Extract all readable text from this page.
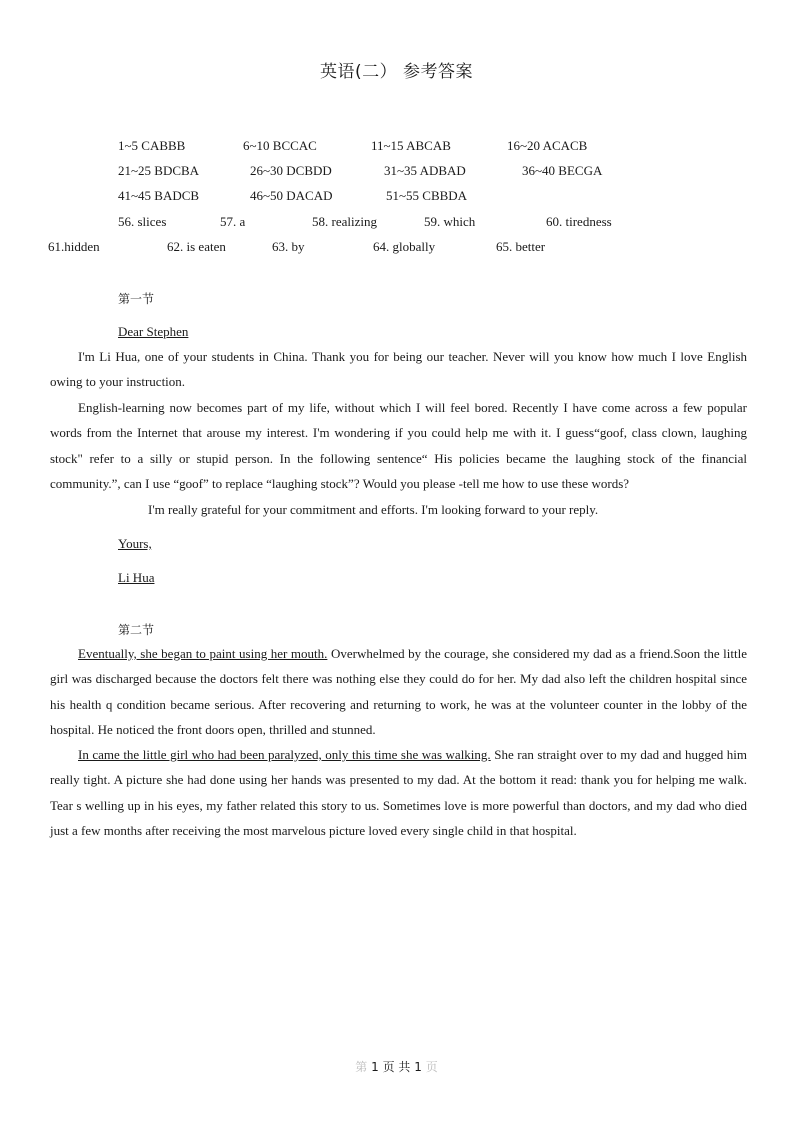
英语(二） 参考答案
1~5 CABBB	6~10 BCCAC	11~15 ABCAB	16~20 ACACB
21~25 BDCBA	26~30 DCBDD	31~35 ADBAD	36~40 BECGA
41~45 BADCB	46~50 DACAD	51~55 CBBDA
56. slices	57. a	58. realizing	59. which	60. tiredness
61.hidden	62. is eaten	63. by	64. globally	65. better
第一节
Dear Stephen

I'm Li Hua, one of your students in China. Thank you for being our teacher. Never will you know how much I love English owing to your instruction.

English-learning now becomes part of my life, without which I will feel bored. Recently I have come across a few popular words from the Internet that arouse my interest. I'm wondering if you could help me with it. I guess“goof, class clown, laughing stock" refer to a silly or stupid person. In the following sentence“ His policies became the laughing stock of the financial community.”, can I use “goof” to replace “laughing stock”? Would you please -tell me how to use these words?

I'm really grateful for your commitment and efforts. I'm looking forward to your reply.
Yours,
Li Hua
第二节

Eventually, she began to paint using her mouth. Overwhelmed by the courage, she considered my dad as a friend.Soon the little girl was discharged because the doctors felt there was nothing else they could do for her. My dad also left the children hospital since his health q condition became serious. After recovering and returning to work, he was at the volunteer counter in the lobby of the hospital. He noticed the front doors open, thrilled and stunned.

In came the little girl who had been paralyzed, only this time she was walking. She ran straight over to my dad and hugged him really tight. A picture she had done using her hands was presented to my dad. At the bottom it read: thank you for helping me walk. Tear s welling up in his eyes, my father related this story to us. Sometimes love is more powerful than doctors, and my dad who died just a few months after receiving the most marvelous picture loved every single child in that hospital.

第 1 页 共 1 页
